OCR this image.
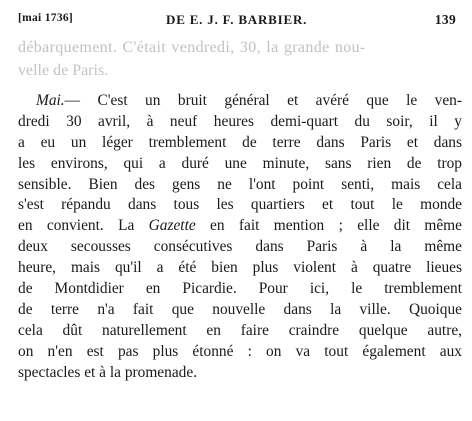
[mai 1736]	DE E. J. F. BARBIER.	139
débarquement. C'était vendredi, 30, la grande nou-
velle de Paris.
Mai.— C'est un bruit général et avéré que le ven-
dredi 30 avril, à neuf heures demi-quart du soir, il y
a eu un léger tremblement de terre dans Paris et dans
les environs, qui a duré une minute, sans rien de trop
sensible. Bien des gens ne l'ont point senti, mais cela
s'est répandu dans tous les quartiers et tout le monde
en convient. La Gazette en fait mention ; elle dit même
deux secousses consécutives dans Paris à la même
heure, mais qu'il a été bien plus violent à quatre lieues
de Montdidier en Picardie. Pour ici, le tremblement
de terre n'a fait que nouvelle dans la ville. Quoique
cela dût naturellement en faire craindre quelque autre,
on n'en est pas plus étonné : on va tout également aux
spectacles et à la promenade.
